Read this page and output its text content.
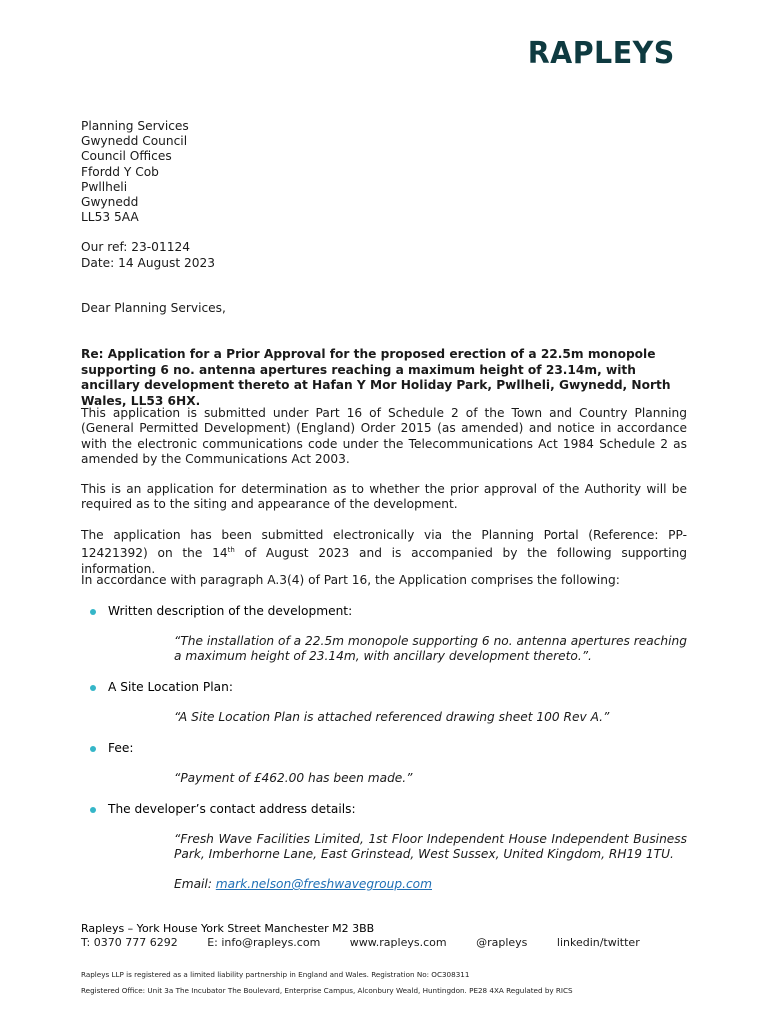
RAPLEYS
Planning Services
Gwynedd Council
Council Offices
Ffordd Y Cob
Pwllheli
Gwynedd
LL53 5AA
Our ref: 23-01124
Date: 14 August 2023
Dear Planning Services,
Re: Application for a Prior Approval for the proposed erection of a 22.5m monopole supporting 6 no. antenna apertures reaching a maximum height of 23.14m, with ancillary development thereto at Hafan Y Mor Holiday Park, Pwllheli, Gwynedd, North Wales, LL53 6HX.
This application is submitted under Part 16 of Schedule 2 of the Town and Country Planning (General Permitted Development) (England) Order 2015 (as amended) and notice in accordance with the electronic communications code under the Telecommunications Act 1984 Schedule 2 as amended by the Communications Act 2003.
This is an application for determination as to whether the prior approval of the Authority will be required as to the siting and appearance of the development.
The application has been submitted electronically via the Planning Portal (Reference: PP-12421392) on the 14th of August 2023 and is accompanied by the following supporting information.
In accordance with paragraph A.3(4) of Part 16, the Application comprises the following:
Written description of the development:
“The installation of a 22.5m monopole supporting 6 no. antenna apertures reaching a maximum height of 23.14m, with ancillary development thereto.”.
A Site Location Plan:
“A Site Location Plan is attached referenced drawing sheet 100 Rev A.”
Fee:
“Payment of £462.00 has been made.”
The developer’s contact address details:
“Fresh Wave Facilities Limited, 1st Floor Independent House Independent Business Park, Imberhorne Lane, East Grinstead, West Sussex, United Kingdom, RH19 1TU.
Email: mark.nelson@freshwavegroup.com
Rapleys – York House York Street Manchester M2 3BB
T: 0370 777 6292	E: info@rapleys.com	www.rapleys.com	@rapleys	linkedin/twitter
Rapleys LLP is registered as a limited liability partnership in England and Wales. Registration No: OC308311
Registered Office: Unit 3a The Incubator The Boulevard, Enterprise Campus, Alconbury Weald, Huntingdon. PE28 4XA Regulated by RICS
